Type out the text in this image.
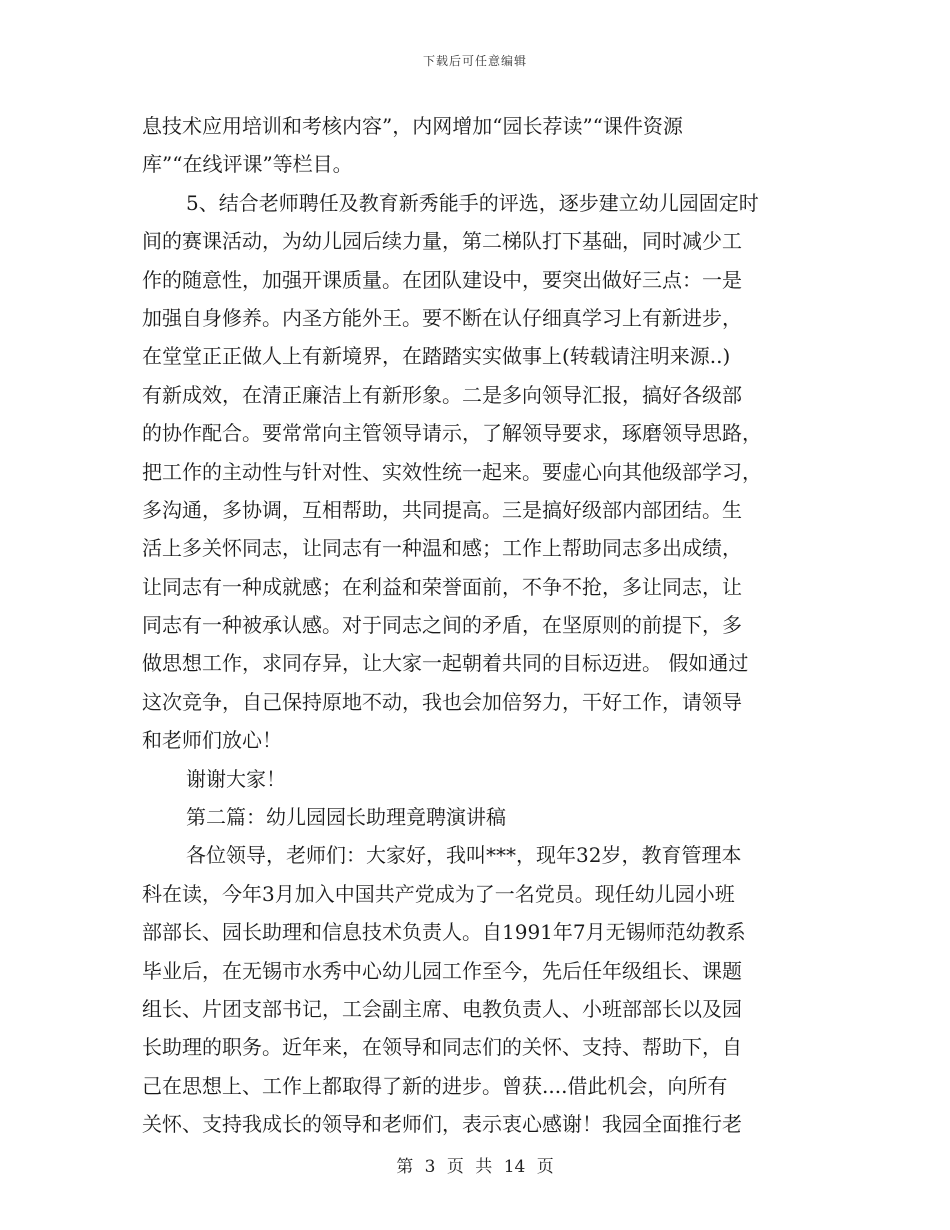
下载后可任意编辑
息技术应用培训和考核内容”，内网增加“园长荐读”“课件资源
库”“在线评课”等栏目。
5、结合老师聘任及教育新秀能手的评选，逐步建立幼儿园固定时
间的赛课活动，为幼儿园后续力量，第二梯队打下基础，同时减少工
作的随意性，加强开课质量。在团队建设中，要突出做好三点：一是
加强自身修养。内圣方能外王。要不断在认仔细真学习上有新进步，
在堂堂正正做人上有新境界，在踏踏实实做事上(转载请注明来源..)
有新成效，在清正廉洁上有新形象。二是多向领导汇报，搞好各级部
的协作配合。要常常向主管领导请示，了解领导要求，琢磨领导思路，
把工作的主动性与针对性、实效性统一起来。要虚心向其他级部学习，
多沟通，多协调，互相帮助，共同提高。三是搞好级部内部团结。生
活上多关怀同志，让同志有一种温和感；工作上帮助同志多出成绩，
让同志有一种成就感；在利益和荣誉面前，不争不抢，多让同志，让
同志有一种被承认感。对于同志之间的矛盾，在坚原则的前提下，多
做思想工作，求同存异，让大家一起朝着共同的目标迈进。 假如通过
这次竞争，自己保持原地不动，我也会加倍努力，干好工作，请领导
和老师们放心！
谢谢大家！
第二篇：幼儿园园长助理竟聘演讲稿
各位领导，老师们：大家好，我叫***，现年32岁，教育管理本
科在读，今年3月加入中国共产党成为了一名党员。现任幼儿园小班
部部长、园长助理和信息技术负责人。自1991年7月无锡师范幼教系
毕业后，在无锡市水秀中心幼儿园工作至今，先后任年级组长、课题
组长、片团支部书记，工会副主席、电教负责人、小班部部长以及园
长助理的职务。近年来，在领导和同志们的关怀、支持、帮助下，自
己在思想上、工作上都取得了新的进步。曾获....借此机会，向所有
关怀、支持我成长的领导和老师们，表示衷心感谢！我园全面推行老
第 3 页 共 14 页
